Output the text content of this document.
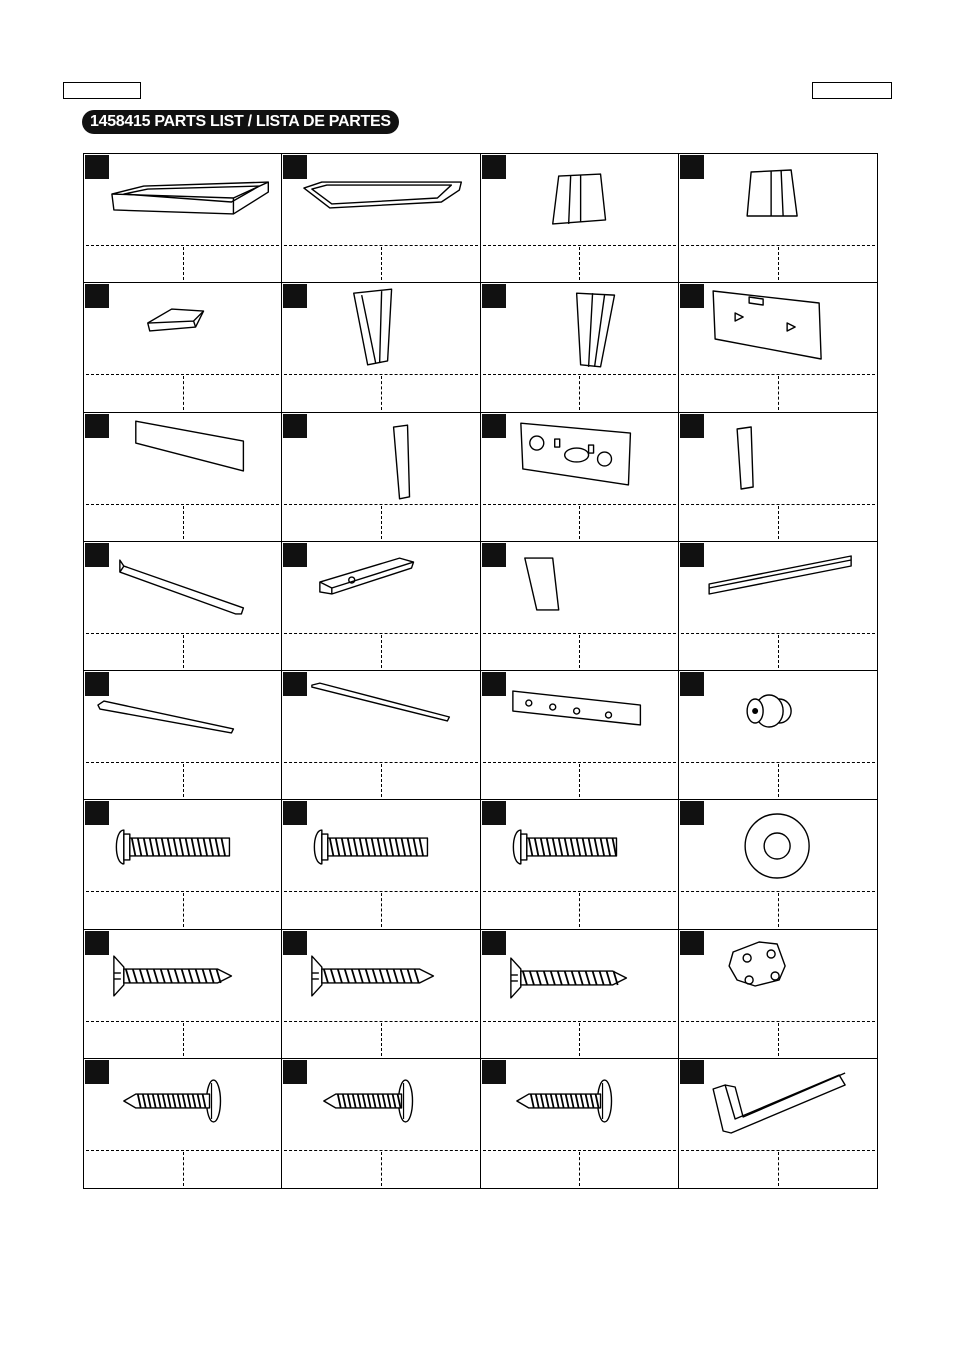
1458415 PARTS LIST / LISTA DE PARTES
